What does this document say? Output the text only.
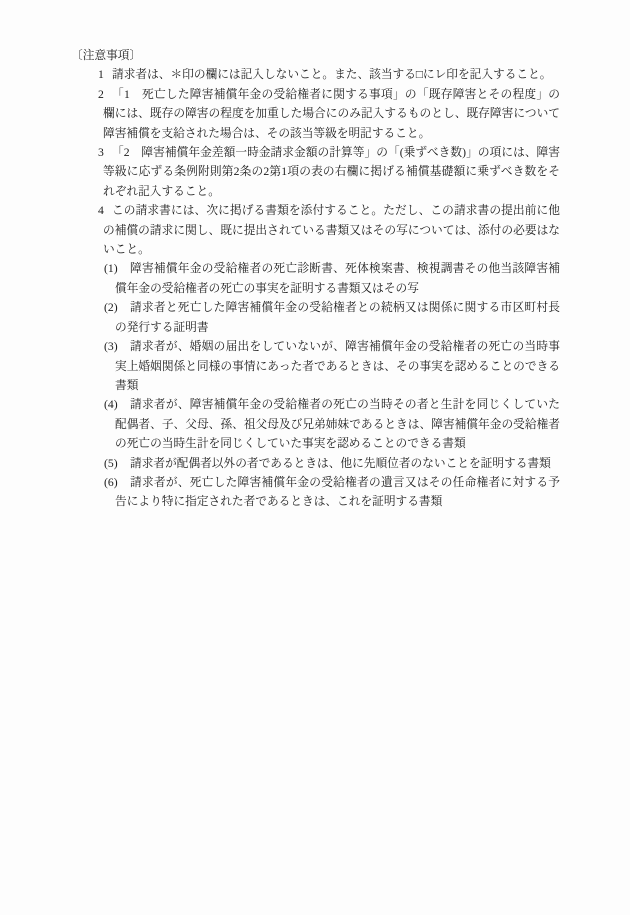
〔注意事項〕
1 請求者は、＊印の欄には記入しないこと。また、該当する□にレ印を記入すること。
2 「1　死亡した障害補償年金の受給権者に関する事項」の「既存障害とその程度」の欄には、既存の障害の程度を加重した場合にのみ記入するものとし、既存障害について障害補償を支給された場合は、その該当等級を明記すること。
3 「2　障害補償年金差額一時金請求金額の計算等」の「(乗ずべき数)」の項には、障害等級に応ずる条例附則第2条の2第1項の表の右欄に掲げる補償基礎額に乗ずべき数をそれぞれ記入すること。
4 この請求書には、次に掲げる書類を添付すること。ただし、この請求書の提出前に他の補償の請求に関し、既に提出されている書類又はその写については、添付の必要はないこと。
(1) 障害補償年金の受給権者の死亡診断書、死体検案書、検視調書その他当該障害補償年金の受給権者の死亡の事実を証明する書類又はその写
(2) 請求者と死亡した障害補償年金の受給権者との続柄又は関係に関する市区町村長の発行する証明書
(3) 請求者が、婚姻の届出をしていないが、障害補償年金の受給権者の死亡の当時事実上婚姻関係と同様の事情にあった者であるときは、その事実を認めることのできる書類
(4) 請求者が、障害補償年金の受給権者の死亡の当時その者と生計を同じくしていた配偶者、子、父母、孫、祖父母及び兄弟姉妹であるときは、障害補償年金の受給権者の死亡の当時生計を同じくしていた事実を認めることのできる書類
(5) 請求者が配偶者以外の者であるときは、他に先順位者のないことを証明する書類
(6) 請求者が、死亡した障害補償年金の受給権者の遺言又はその任命権者に対する予告により特に指定された者であるときは、これを証明する書類
